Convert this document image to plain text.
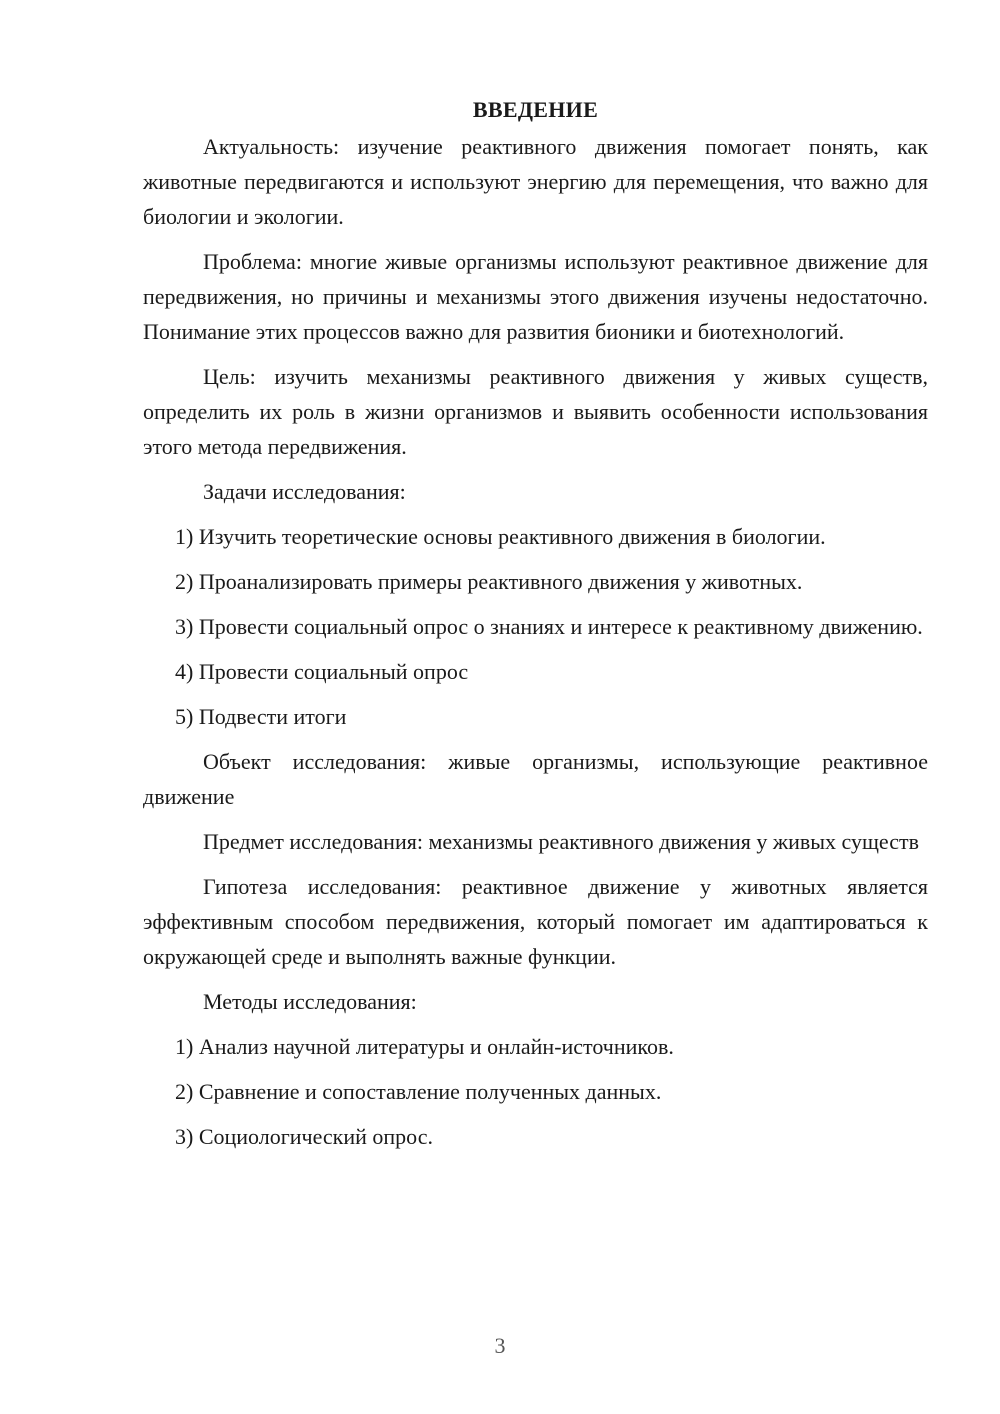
ВВЕДЕНИЕ

Актуальность: изучение реактивного движения помогает понять, как животные передвигаются и используют энергию для перемещения, что важно для биологии и экологии.

Проблема: многие живые организмы используют реактивное движение для передвижения, но причины и механизмы этого движения изучены недостаточно. Понимание этих процессов важно для развития бионики и биотехнологий.

Цель: изучить механизмы реактивного движения у живых существ, определить их роль в жизни организмов и выявить особенности использования этого метода передвижения.

Задачи исследования:

1) Изучить теоретические основы реактивного движения в биологии.

2) Проанализировать примеры реактивного движения у животных.

3) Провести социальный опрос о знаниях и интересе к реактивному движению.

4) Провести социальный опрос

5) Подвести итоги

Объект исследования: живые организмы, использующие реактивное движение

Предмет исследования: механизмы реактивного движения у живых существ

Гипотеза исследования: реактивное движение у животных является эффективным способом передвижения, который помогает им адаптироваться к окружающей среде и выполнять важные функции.

Методы исследования:

1) Анализ научной литературы и онлайн-источников.

2) Сравнение и сопоставление полученных данных.

3) Социологический опрос.

3
